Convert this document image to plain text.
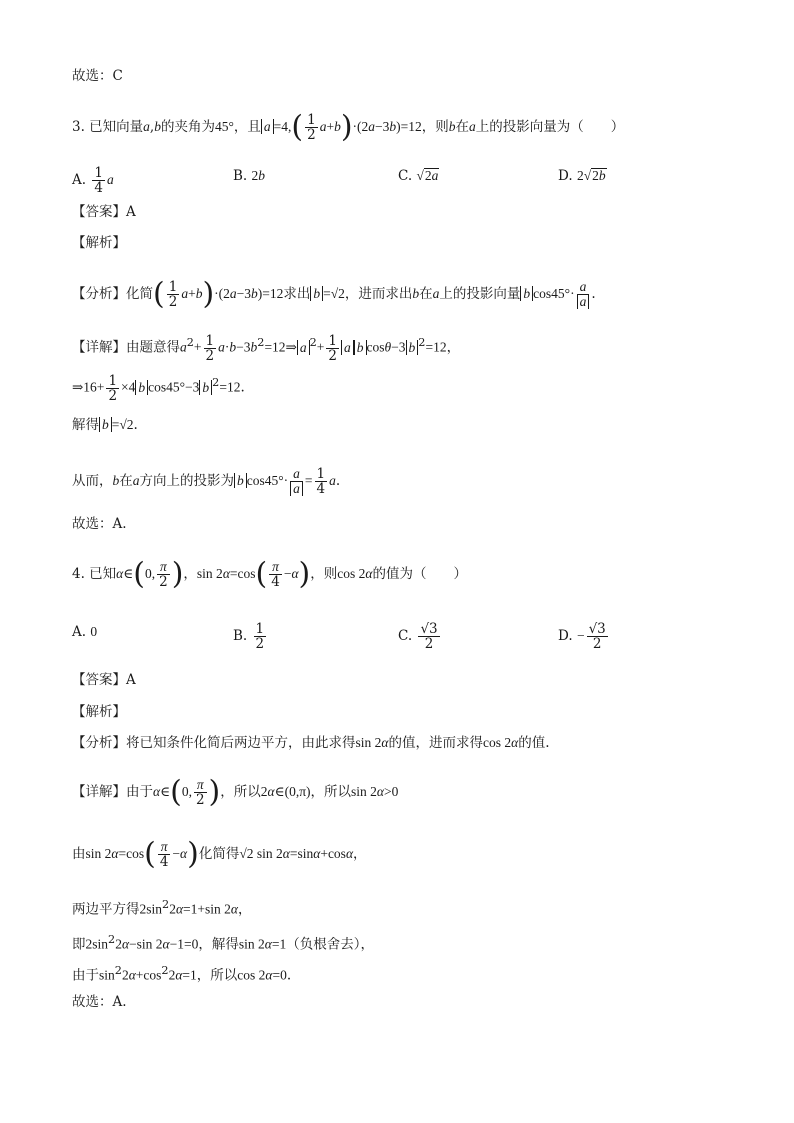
故选：C
3. 已知向量a,b的夹角为45°，且 $a =4,( \frac{1}{2} a+b)\cdot(2a-3b)=12$，则b在a上的投影向量为（　　）
A. $\frac{1}{4}$ a	B. 2b	C. √2a	D. 2√2b
【答案】A
【解析】
【分析】化简( $\frac{1}{2} a+b)\cdot(2a-3b)=12$求出 b =√2，进而求出b在a上的投影向量 b $\cos 45^\circ\cdot \frac{a}{a}$ .
【详解】由题意得$a^2+ \frac{1}{2}$ $a\cdot b-3b^2=12\Rightarrow$ a $^2+ \frac{1}{2}$ a b cosθ−3 b $^2$=12，
⇒16+ $\frac{1}{2} \times 4$ b cos45°−3 b $^2$=12.
解得 b =√2.
从而，b在a方向上的投影为 b $\cos 45^\circ\cdot \frac{a}{a} = \frac{1}{4} a$.
故选：A.
4. 已知α∈(0, $\frac{\pi}{2}$ )，$\sin 2\alpha=\cos( \frac{\pi}{4} -\alpha)$，则cos 2α的值为（　　）
A. 0	B. $\frac{1}{2}$	C. $\frac{√3}{2}$	D. − $\frac{√3}{2}$
【答案】A
【解析】
【分析】将已知条件化简后两边平方，由此求得sin 2α的值，进而求得cos 2α的值.
【详解】由于α∈(0, $\frac{\pi}{2}$ )，所以2α∈(0,π)，所以sin 2α>0
由$\sin 2\alpha=\cos( \frac{\pi}{4} -\alpha)$化简得√2 sin 2α=sinα+cosα，
两边平方得$2\sin^22\alpha=1+\sin$ 2α，
即$2\sin^22\alpha-\sin$ 2α−1=0，解得sin 2α=1（负根舍去），
由于$\sin^22\alpha+\cos^22\alpha=1$，所以cos 2α=0.
故选：A.
